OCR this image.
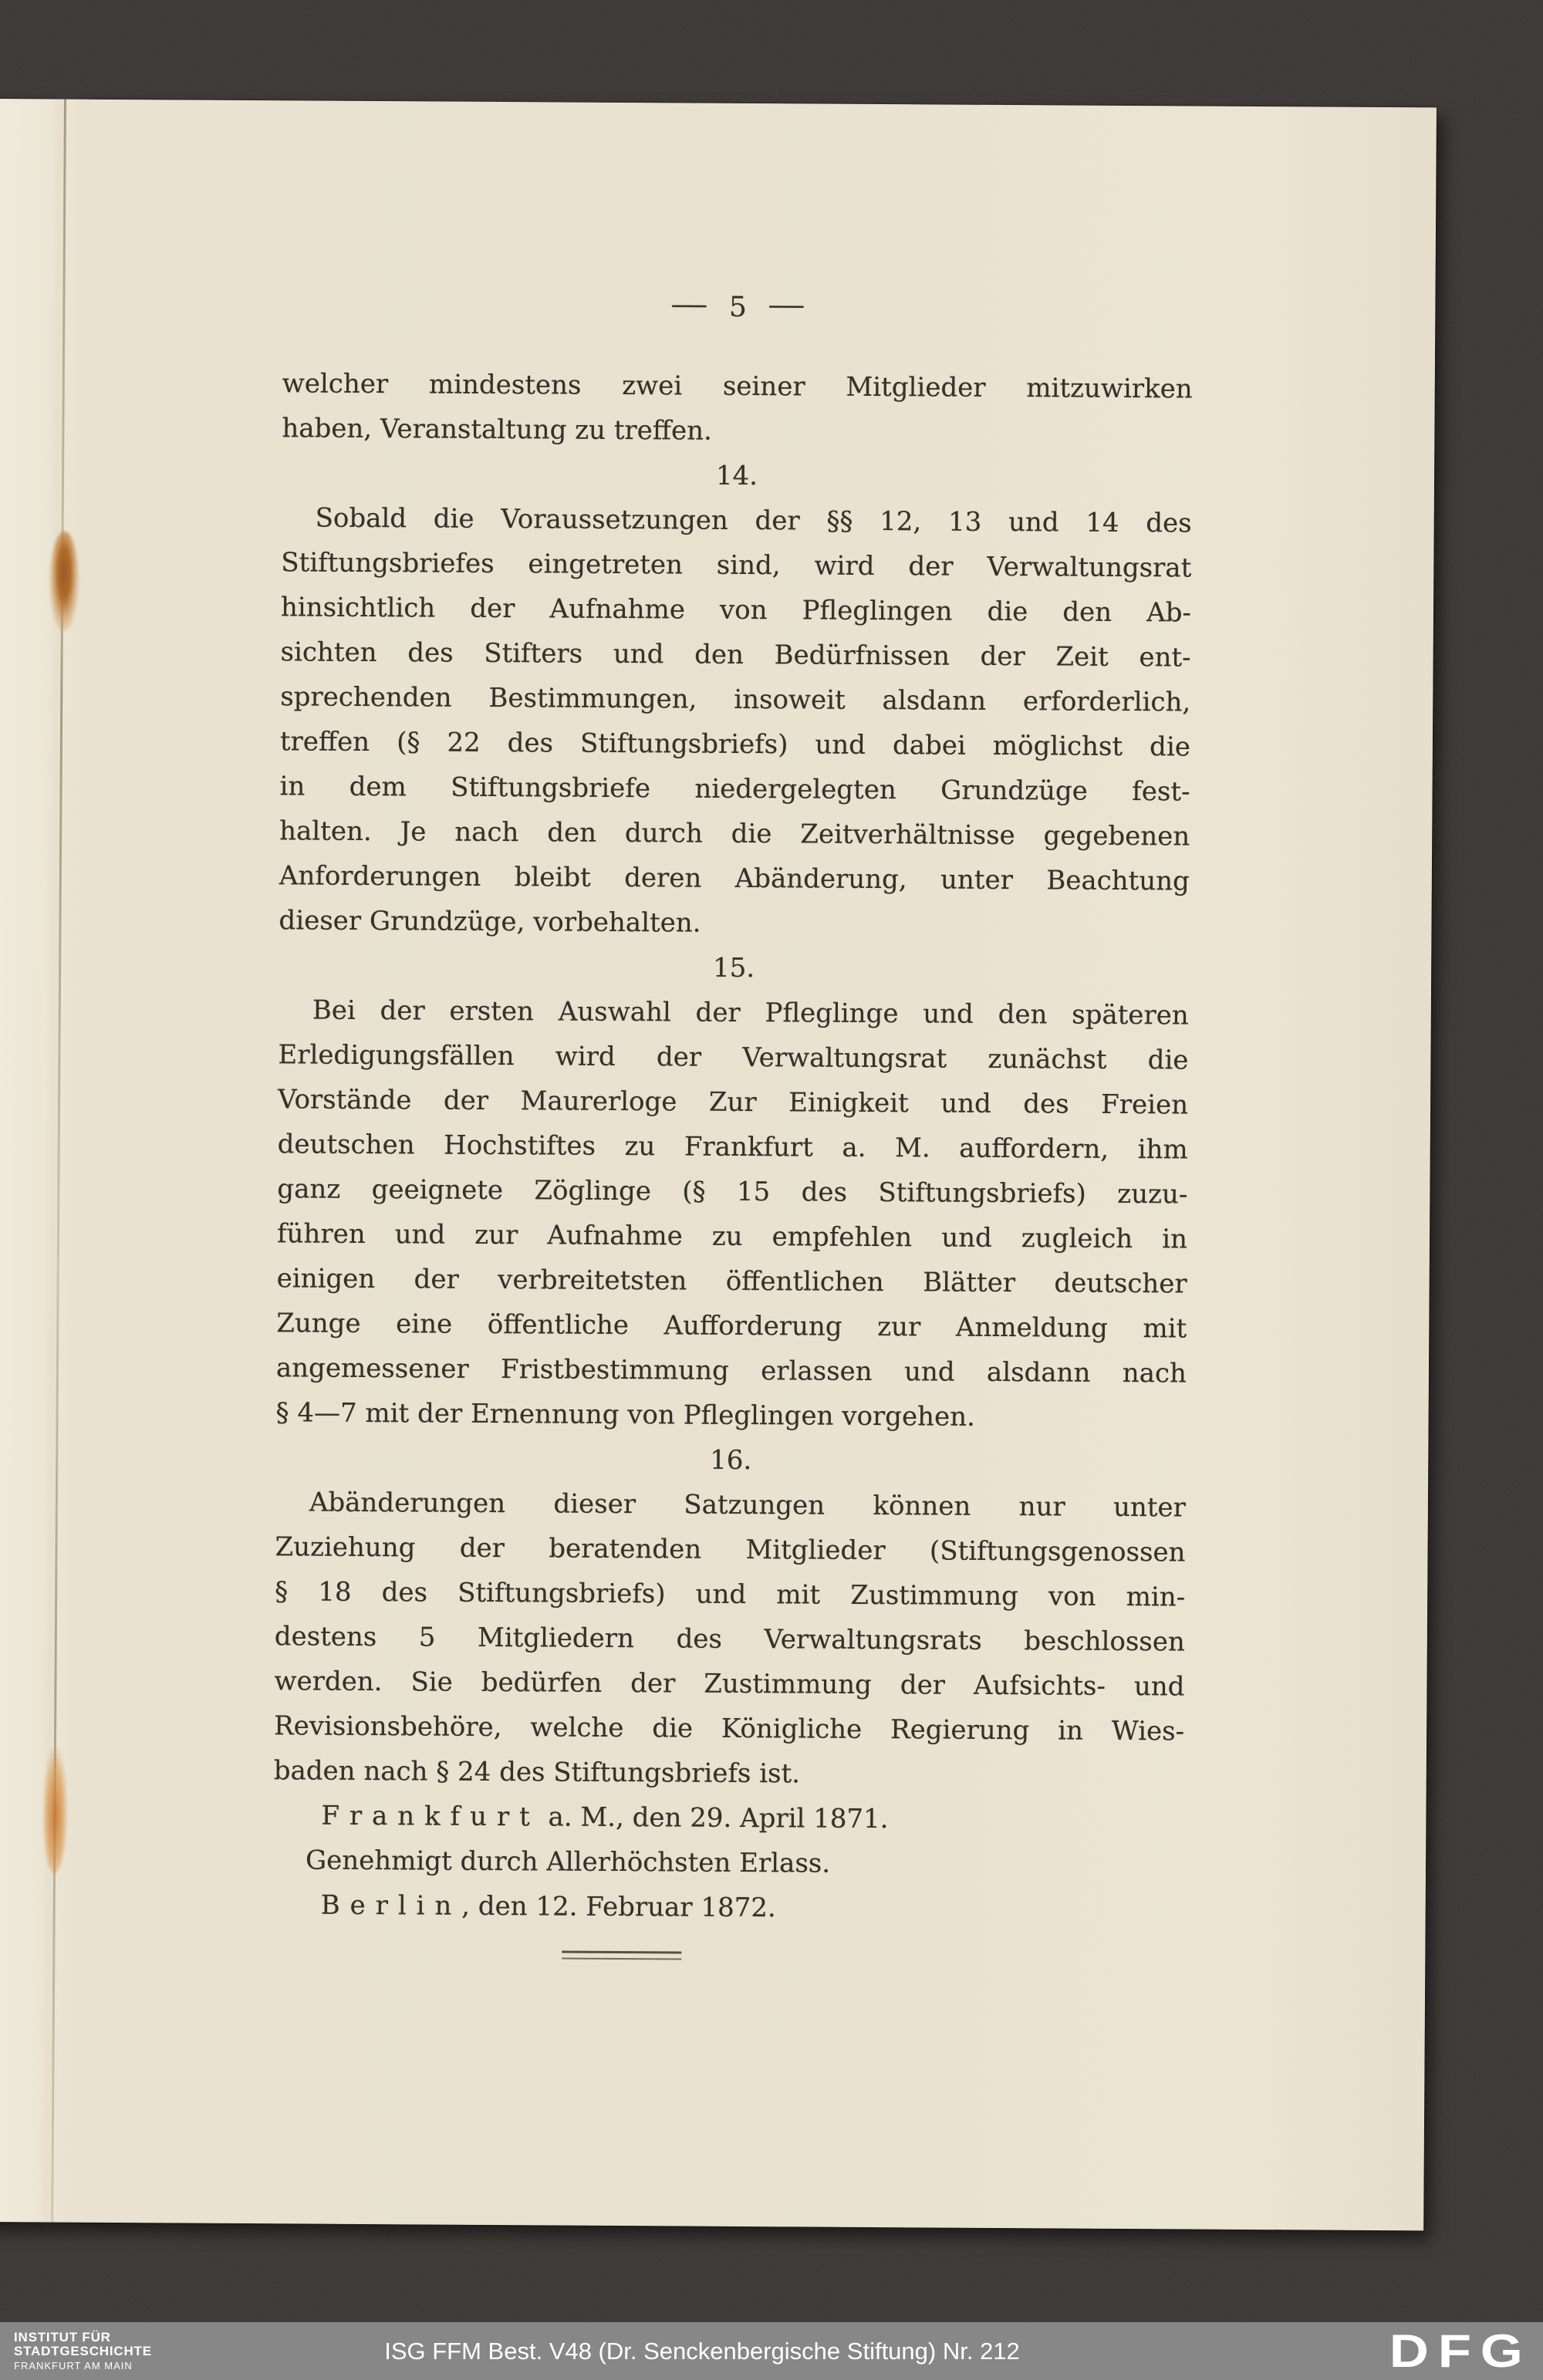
— 5 —
welcher mindestens zwei seiner Mitglieder mitzuwirken
haben, Veranstaltung zu treffen.
14.
Sobald die Voraussetzungen der §§ 12, 13 und 14 des
Stiftungsbriefes eingetreten sind, wird der Verwaltungsrat
hinsichtlich der Aufnahme von Pfleglingen die den Ab-
sichten des Stifters und den Bedürfnissen der Zeit ent-
sprechenden Bestimmungen, insoweit alsdann erforderlich,
treffen (§ 22 des Stiftungsbriefs) und dabei möglichst die
in dem Stiftungsbriefe niedergelegten Grundzüge fest-
halten. Je nach den durch die Zeitverhältnisse gegebenen
Anforderungen bleibt deren Abänderung, unter Beachtung
dieser Grundzüge, vorbehalten.
15.
Bei der ersten Auswahl der Pfleglinge und den späteren
Erledigungsfällen wird der Verwaltungsrat zunächst die
Vorstände der Maurerloge Zur Einigkeit und des Freien
deutschen Hochstiftes zu Frankfurt a. M. auffordern, ihm
ganz geeignete Zöglinge (§ 15 des Stiftungsbriefs) zuzu-
führen und zur Aufnahme zu empfehlen und zugleich in
einigen der verbreitetsten öffentlichen Blätter deutscher
Zunge eine öffentliche Aufforderung zur Anmeldung mit
angemessener Fristbestimmung erlassen und alsdann nach
§ 4—7 mit der Ernennung von Pfleglingen vorgehen.
16.
Abänderungen dieser Satzungen können nur unter
Zuziehung der beratenden Mitglieder (Stiftungsgenossen
§ 18 des Stiftungsbriefs) und mit Zustimmung von min-
destens 5 Mitgliedern des Verwaltungsrats beschlossen
werden. Sie bedürfen der Zustimmung der Aufsichts- und
Revisionsbehöre, welche die Königliche Regierung in Wies-
baden nach § 24 des Stiftungsbriefs ist.
Frankfurt a. M., den 29. April 1871.
Genehmigt durch Allerhöchsten Erlass.
Berlin, den 12. Februar 1872.
INSTITUT FÜR
STADTGESCHICHTE
FRANKFURT AM MAIN
ISG FFM Best. V48 (Dr. Senckenbergische Stiftung) Nr. 212	DFG
